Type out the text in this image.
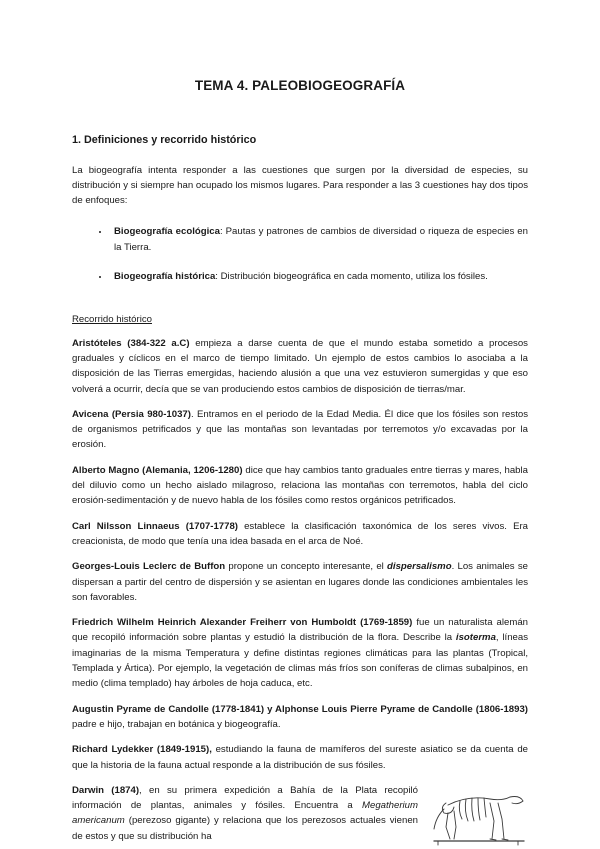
TEMA 4. PALEOBIOGEOGRAFÍA
1. Definiciones y recorrido histórico

La biogeografía intenta responder a las cuestiones que surgen por la diversidad de especies, su distribución y si siempre han ocupado los mismos lugares. Para responder a las 3 cuestiones hay dos tipos de enfoques:

• Biogeografía ecológica: Pautas y patrones de cambios de diversidad o riqueza de especies en la Tierra.
• Biogeografía histórica: Distribución biogeográfica en cada momento, utiliza los fósiles.

Recorrido histórico

Aristóteles (384-322 a.C) empieza a darse cuenta de que el mundo estaba sometido a procesos graduales y cíclicos en el marco de tiempo limitado. Un ejemplo de estos cambios lo asociaba a la disposición de las Tierras emergidas, haciendo alusión a que una vez estuvieron sumergidas y que eso volverá a ocurrir, decía que se van produciendo estos cambios de disposición de tierras/mar.

Avicena (Persia 980-1037). Entramos en el periodo de la Edad Media. Él dice que los fósiles son restos de organismos petrificados y que las montañas son levantadas por terremotos y/o excavadas por la erosión.

Alberto Magno (Alemania, 1206-1280) dice que hay cambios tanto graduales entre tierras y mares, habla del diluvio como un hecho aislado milagroso, relaciona las montañas con terremotos, habla del ciclo erosión-sedimentación y de nuevo habla de los fósiles como restos orgánicos petrificados.

Carl Nilsson Linnaeus (1707-1778) establece la clasificación taxonómica de los seres vivos. Era creacionista, de modo que tenía una idea basada en el arca de Noé.

Georges-Louis Leclerc de Buffon propone un concepto interesante, el dispersalismo. Los animales se dispersan a partir del centro de dispersión y se asientan en lugares donde las condiciones ambientales les son favorables.

Friedrich Wilhelm Heinrich Alexander Freiherr von Humboldt (1769-1859) fue un naturalista alemán que recopiló información sobre plantas y estudió la distribución de la flora. Describe la isoterma, líneas imaginarias de la misma Temperatura y define distintas regiones climáticas para las plantas (Tropical, Templada y Ártica). Por ejemplo, la vegetación de climas más fríos son coníferas de climas subalpinos, en medio (clima templado) hay árboles de hoja caduca, etc.

Augustin Pyrame de Candolle (1778-1841) y Alphonse Louis Pierre Pyrame de Candolle (1806-1893) padre e hijo, trabajan en botánica y biogeografía.

Richard Lydekker (1849-1915), estudiando la fauna de mamíferos del sureste asiatico se da cuenta de que la historia de la fauna actual responde a la distribución de sus fósiles.

Darwin (1874), en su primera expedición a Bahía de la Plata recopiló información de plantas, animales y fósiles. Encuentra a Megatherium americanum (perezoso gigante) y relaciona que los perezosos actuales vienen de estos y que su distribución ha
